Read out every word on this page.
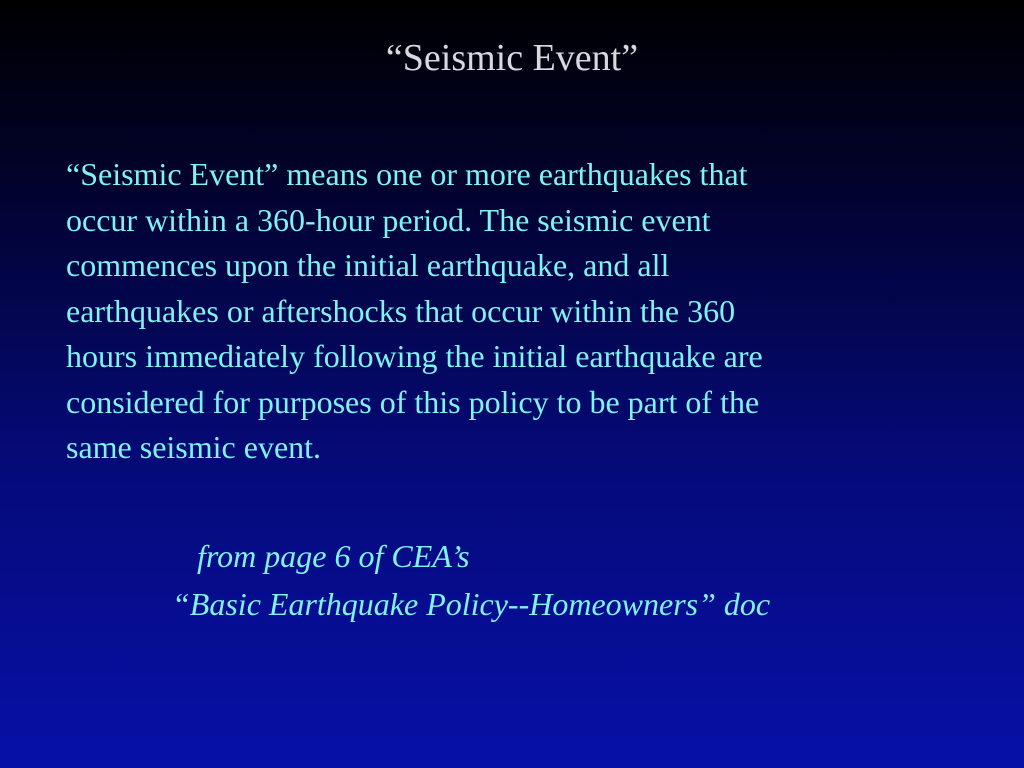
“Seismic Event”

“Seismic Event” means one or more earthquakes that
occur within a 360-hour period. The seismic event
commences upon the initial earthquake, and all
earthquakes or aftershocks that occur within the 360
hours immediately following the initial earthquake are
considered for purposes of this policy to be part of the
same seismic event.

from page 6 of CEA’s

“Basic Earthquake Policy--Homeowners” doc
